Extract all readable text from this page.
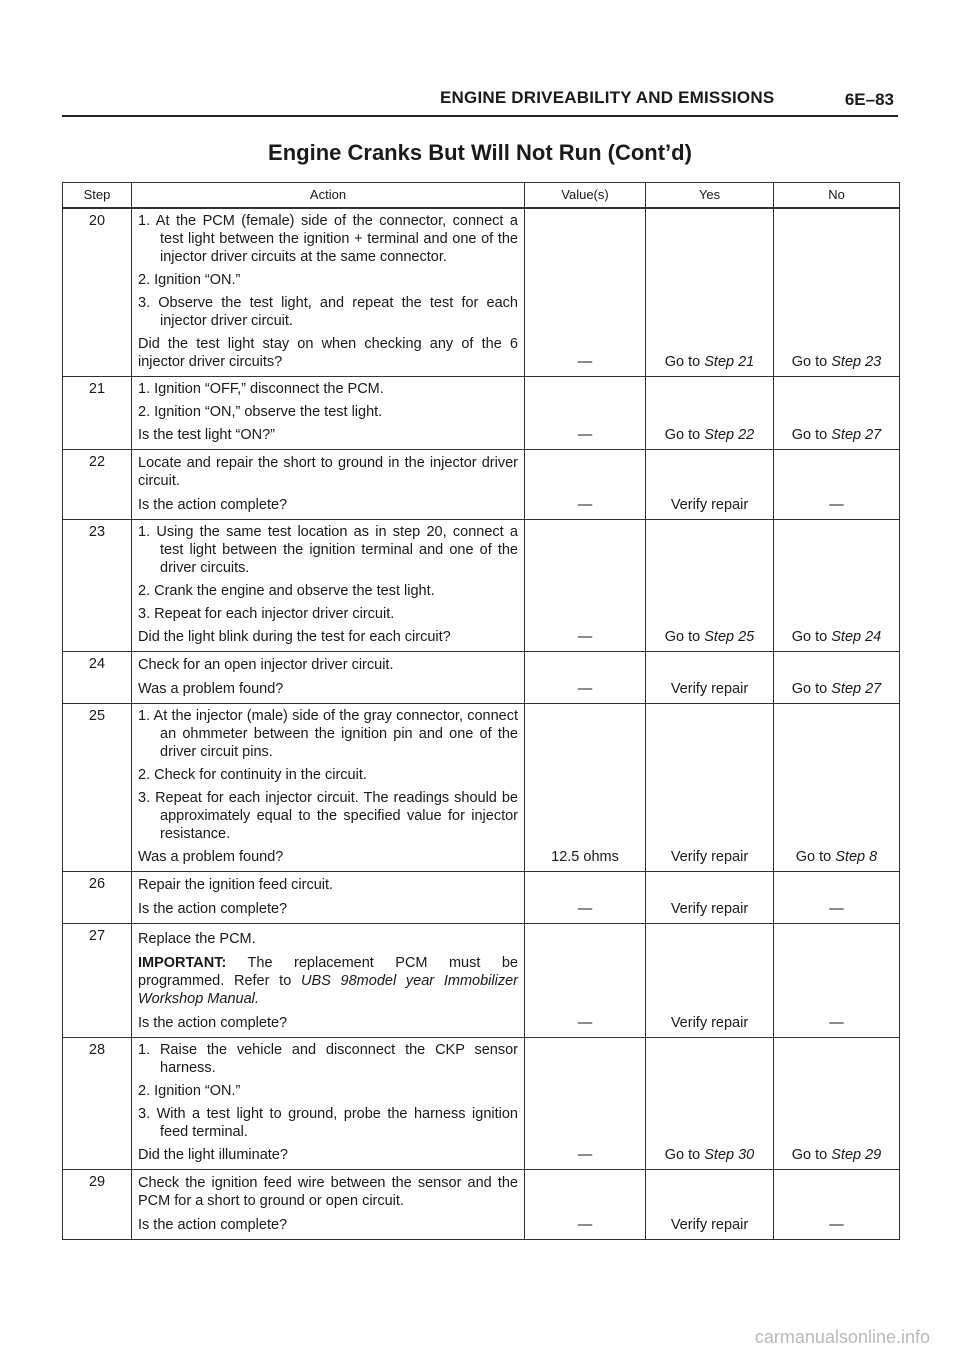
ENGINE DRIVEABILITY AND EMISSIONS	6E–83
Engine Cranks But Will Not Run (Cont’d)
Step	Action	Value(s)	Yes	No
20	1. At the PCM (female) side of the connector, connect a test light between the ignition + terminal and one of the injector driver circuits at the same connector.
2. Ignition “ON.”
3. Observe the test light, and repeat the test for each injector driver circuit.
Did the test light stay on when checking any of the 6 injector driver circuits?	—	Go to Step 21	Go to Step 23
21	1. Ignition “OFF,” disconnect the PCM.
2. Ignition “ON,” observe the test light.
Is the test light “ON?”	—	Go to Step 22	Go to Step 27
22	Locate and repair the short to ground in the injector driver circuit.
Is the action complete?	—	Verify repair	—
23	1. Using the same test location as in step 20, connect a test light between the ignition terminal and one of the driver circuits.
2. Crank the engine and observe the test light.
3. Repeat for each injector driver circuit.
Did the light blink during the test for each circuit?	—	Go to Step 25	Go to Step 24
24	Check for an open injector driver circuit.
Was a problem found?	—	Verify repair	Go to Step 27
25	1. At the injector (male) side of the gray connector, connect an ohmmeter between the ignition pin and one of the driver circuit pins.
2. Check for continuity in the circuit.
3. Repeat for each injector circuit. The readings should be approximately equal to the specified value for injector resistance.
Was a problem found?	12.5 ohms	Verify repair	Go to Step 8
26	Repair the ignition feed circuit.
Is the action complete?	—	Verify repair	—
27	Replace the PCM.
IMPORTANT: The replacement PCM must be programmed. Refer to UBS 98model year Immobilizer Workshop Manual.
Is the action complete?	—	Verify repair	—
28	1. Raise the vehicle and disconnect the CKP sensor harness.
2. Ignition “ON.”
3. With a test light to ground, probe the harness ignition feed terminal.
Did the light illuminate?	—	Go to Step 30	Go to Step 29
29	Check the ignition feed wire between the sensor and the PCM for a short to ground or open circuit.
Is the action complete?	—	Verify repair	—
carmanualsonline.info
